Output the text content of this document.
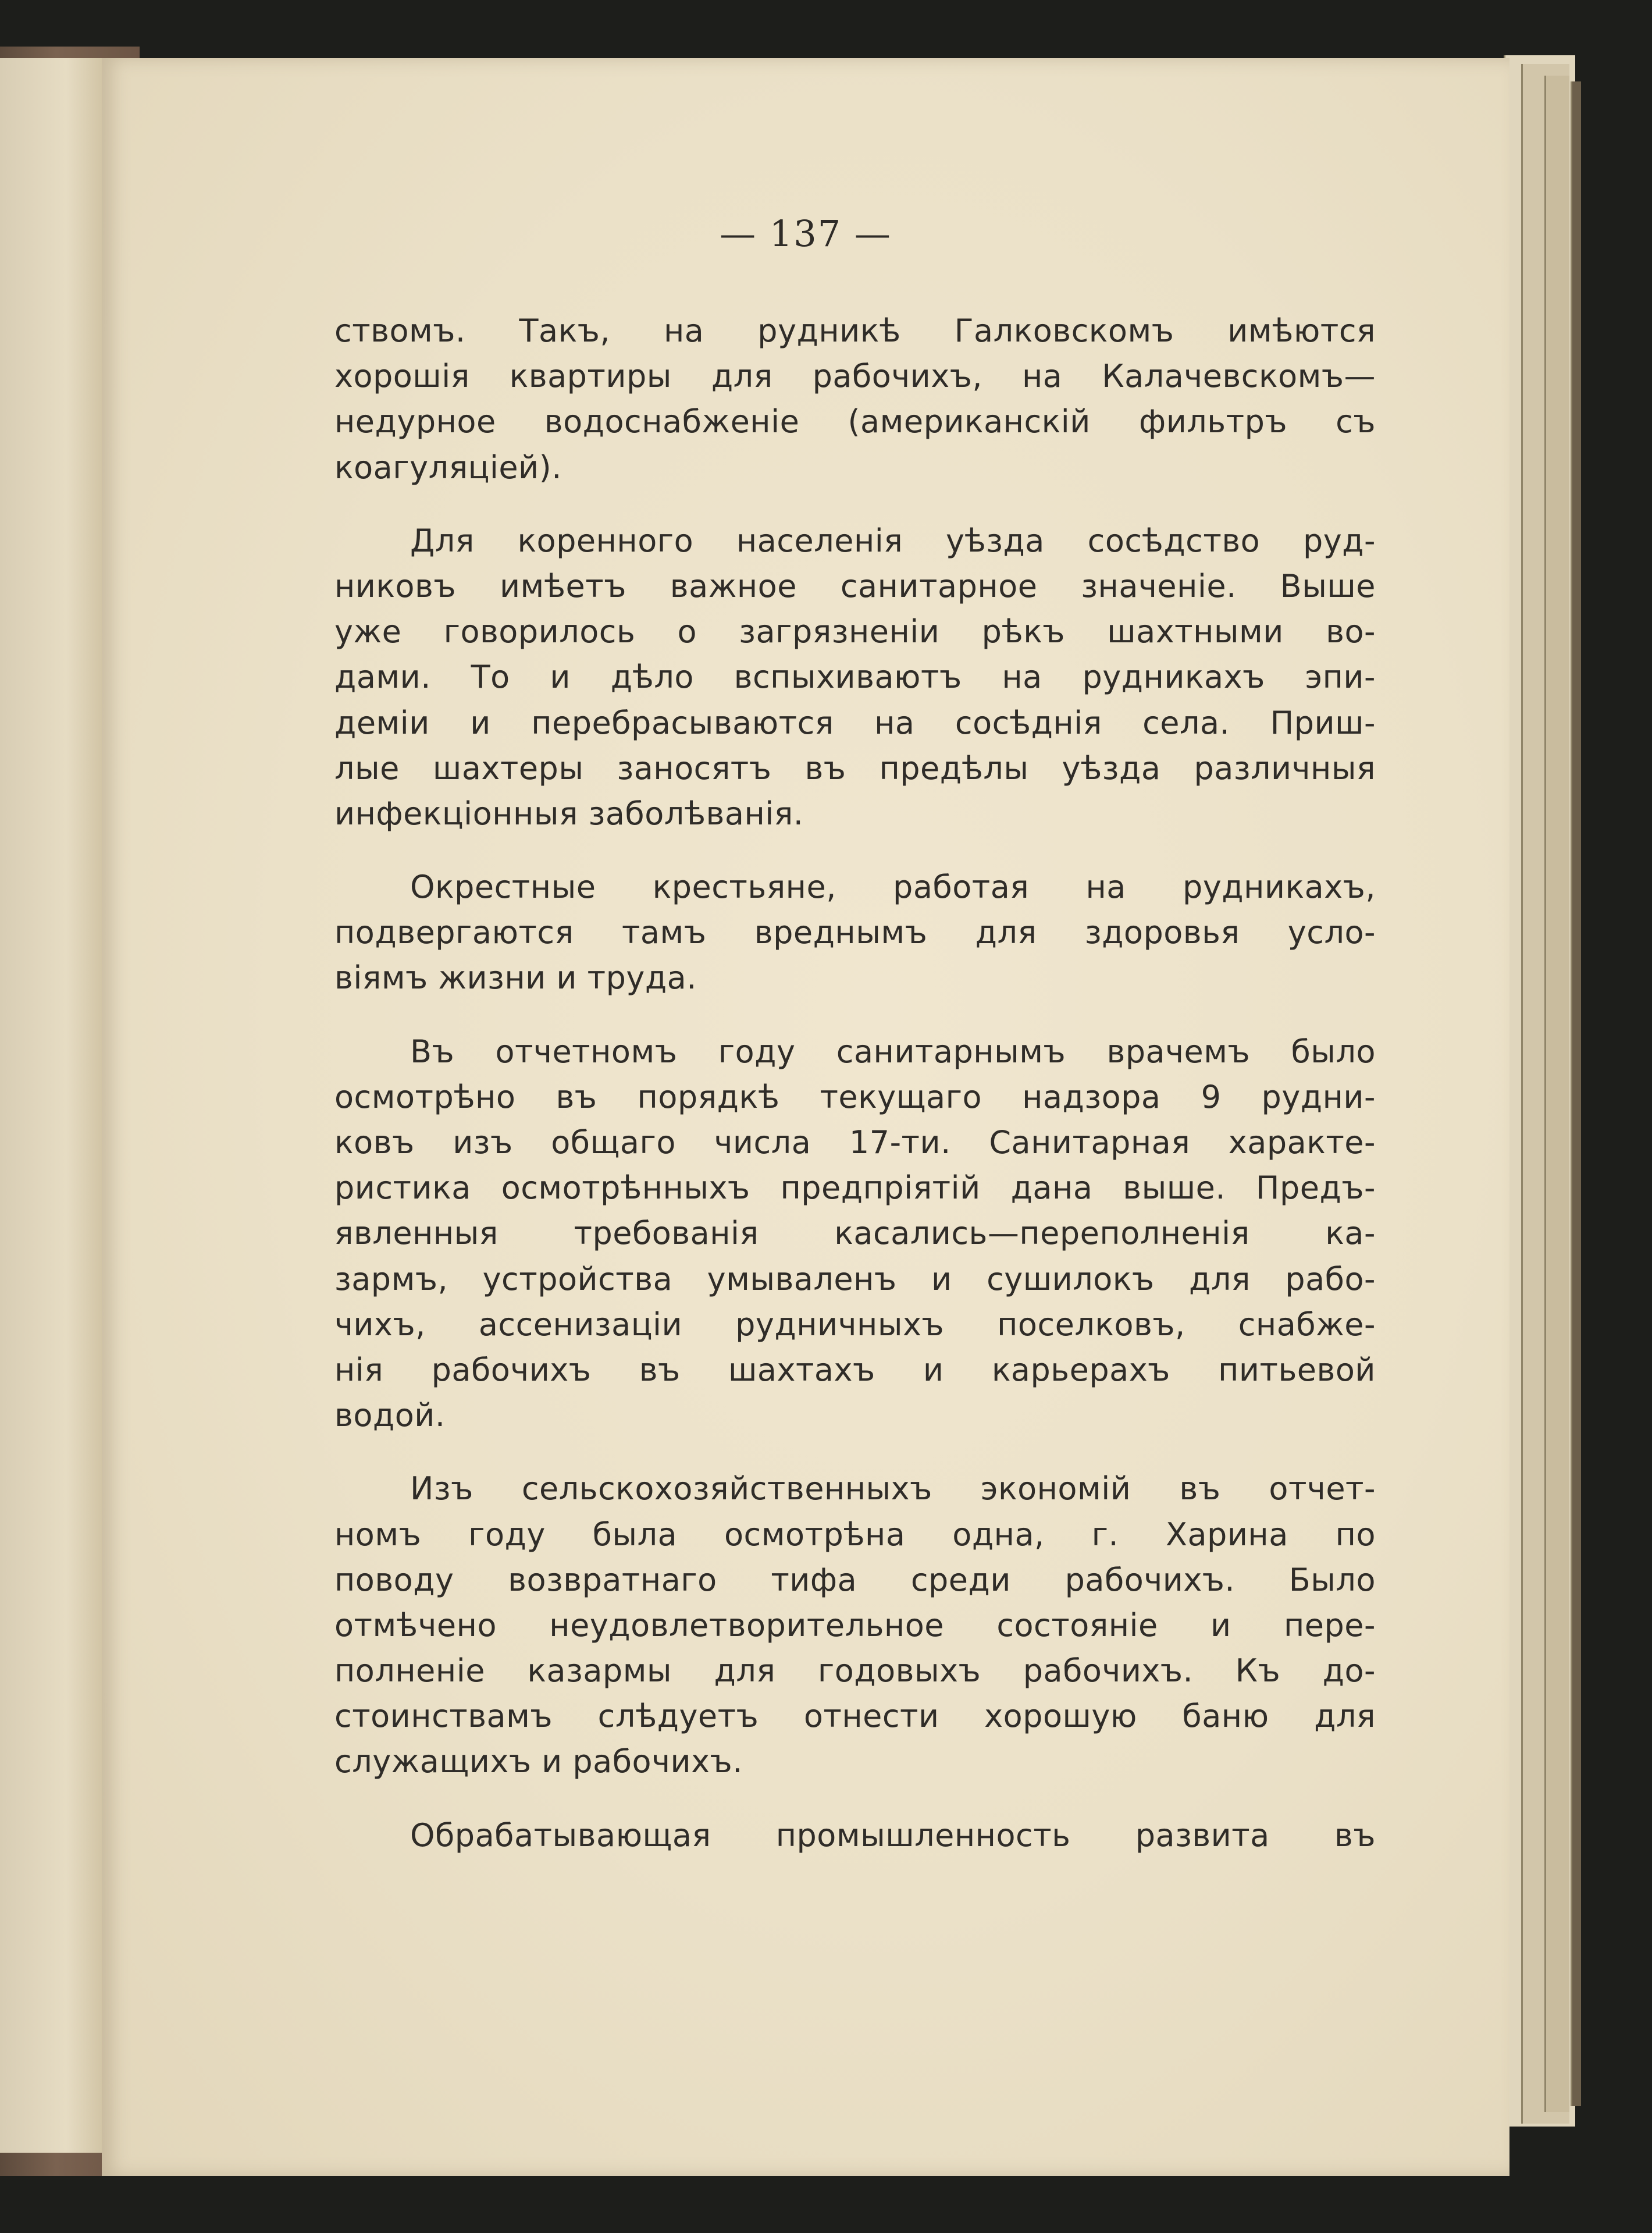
— 137 —
ствомъ. Такъ, на рудникѣ Галковскомъ имѣются
хорошія квартиры для рабочихъ, на Калачевскомъ—
недурное водоснабженіе (американскій фильтръ съ
коагуляціей).
Для коренного населенія уѣзда сосѣдство руд-
никовъ имѣетъ важное санитарное значеніе. Выше
уже говорилось о загрязненіи рѣкъ шахтными во-
дами. То и дѣло вспыхиваютъ на рудникахъ эпи-
деміи и перебрасываются на сосѣднія села. Приш-
лые шахтеры заносятъ въ предѣлы уѣзда различныя
инфекціонныя заболѣванія.
Окрестные крестьяне, работая на рудникахъ,
подвергаются тамъ вреднымъ для здоровья усло-
віямъ жизни и труда.
Въ отчетномъ году санитарнымъ врачемъ было
осмотрѣно въ порядкѣ текущаго надзора 9 рудни-
ковъ изъ общаго числа 17-ти. Санитарная характе-
ристика осмотрѣнныхъ предпріятій дана выше. Предъ-
явленныя требованія касались—переполненія ка-
зармъ, устройства умываленъ и сушилокъ для рабо-
чихъ, ассенизаціи рудничныхъ поселковъ, снабже-
нія рабочихъ въ шахтахъ и карьерахъ питьевой
водой.
Изъ сельскохозяйственныхъ экономій въ отчет-
номъ году была осмотрѣна одна, г. Харина по
поводу возвратнаго тифа среди рабочихъ. Было
отмѣчено неудовлетворительное состояніе и пере-
полненіе казармы для годовыхъ рабочихъ. Къ до-
стоинствамъ слѣдуетъ отнести хорошую баню для
служащихъ и рабочихъ.
Обрабатывающая промышленность развита въ
